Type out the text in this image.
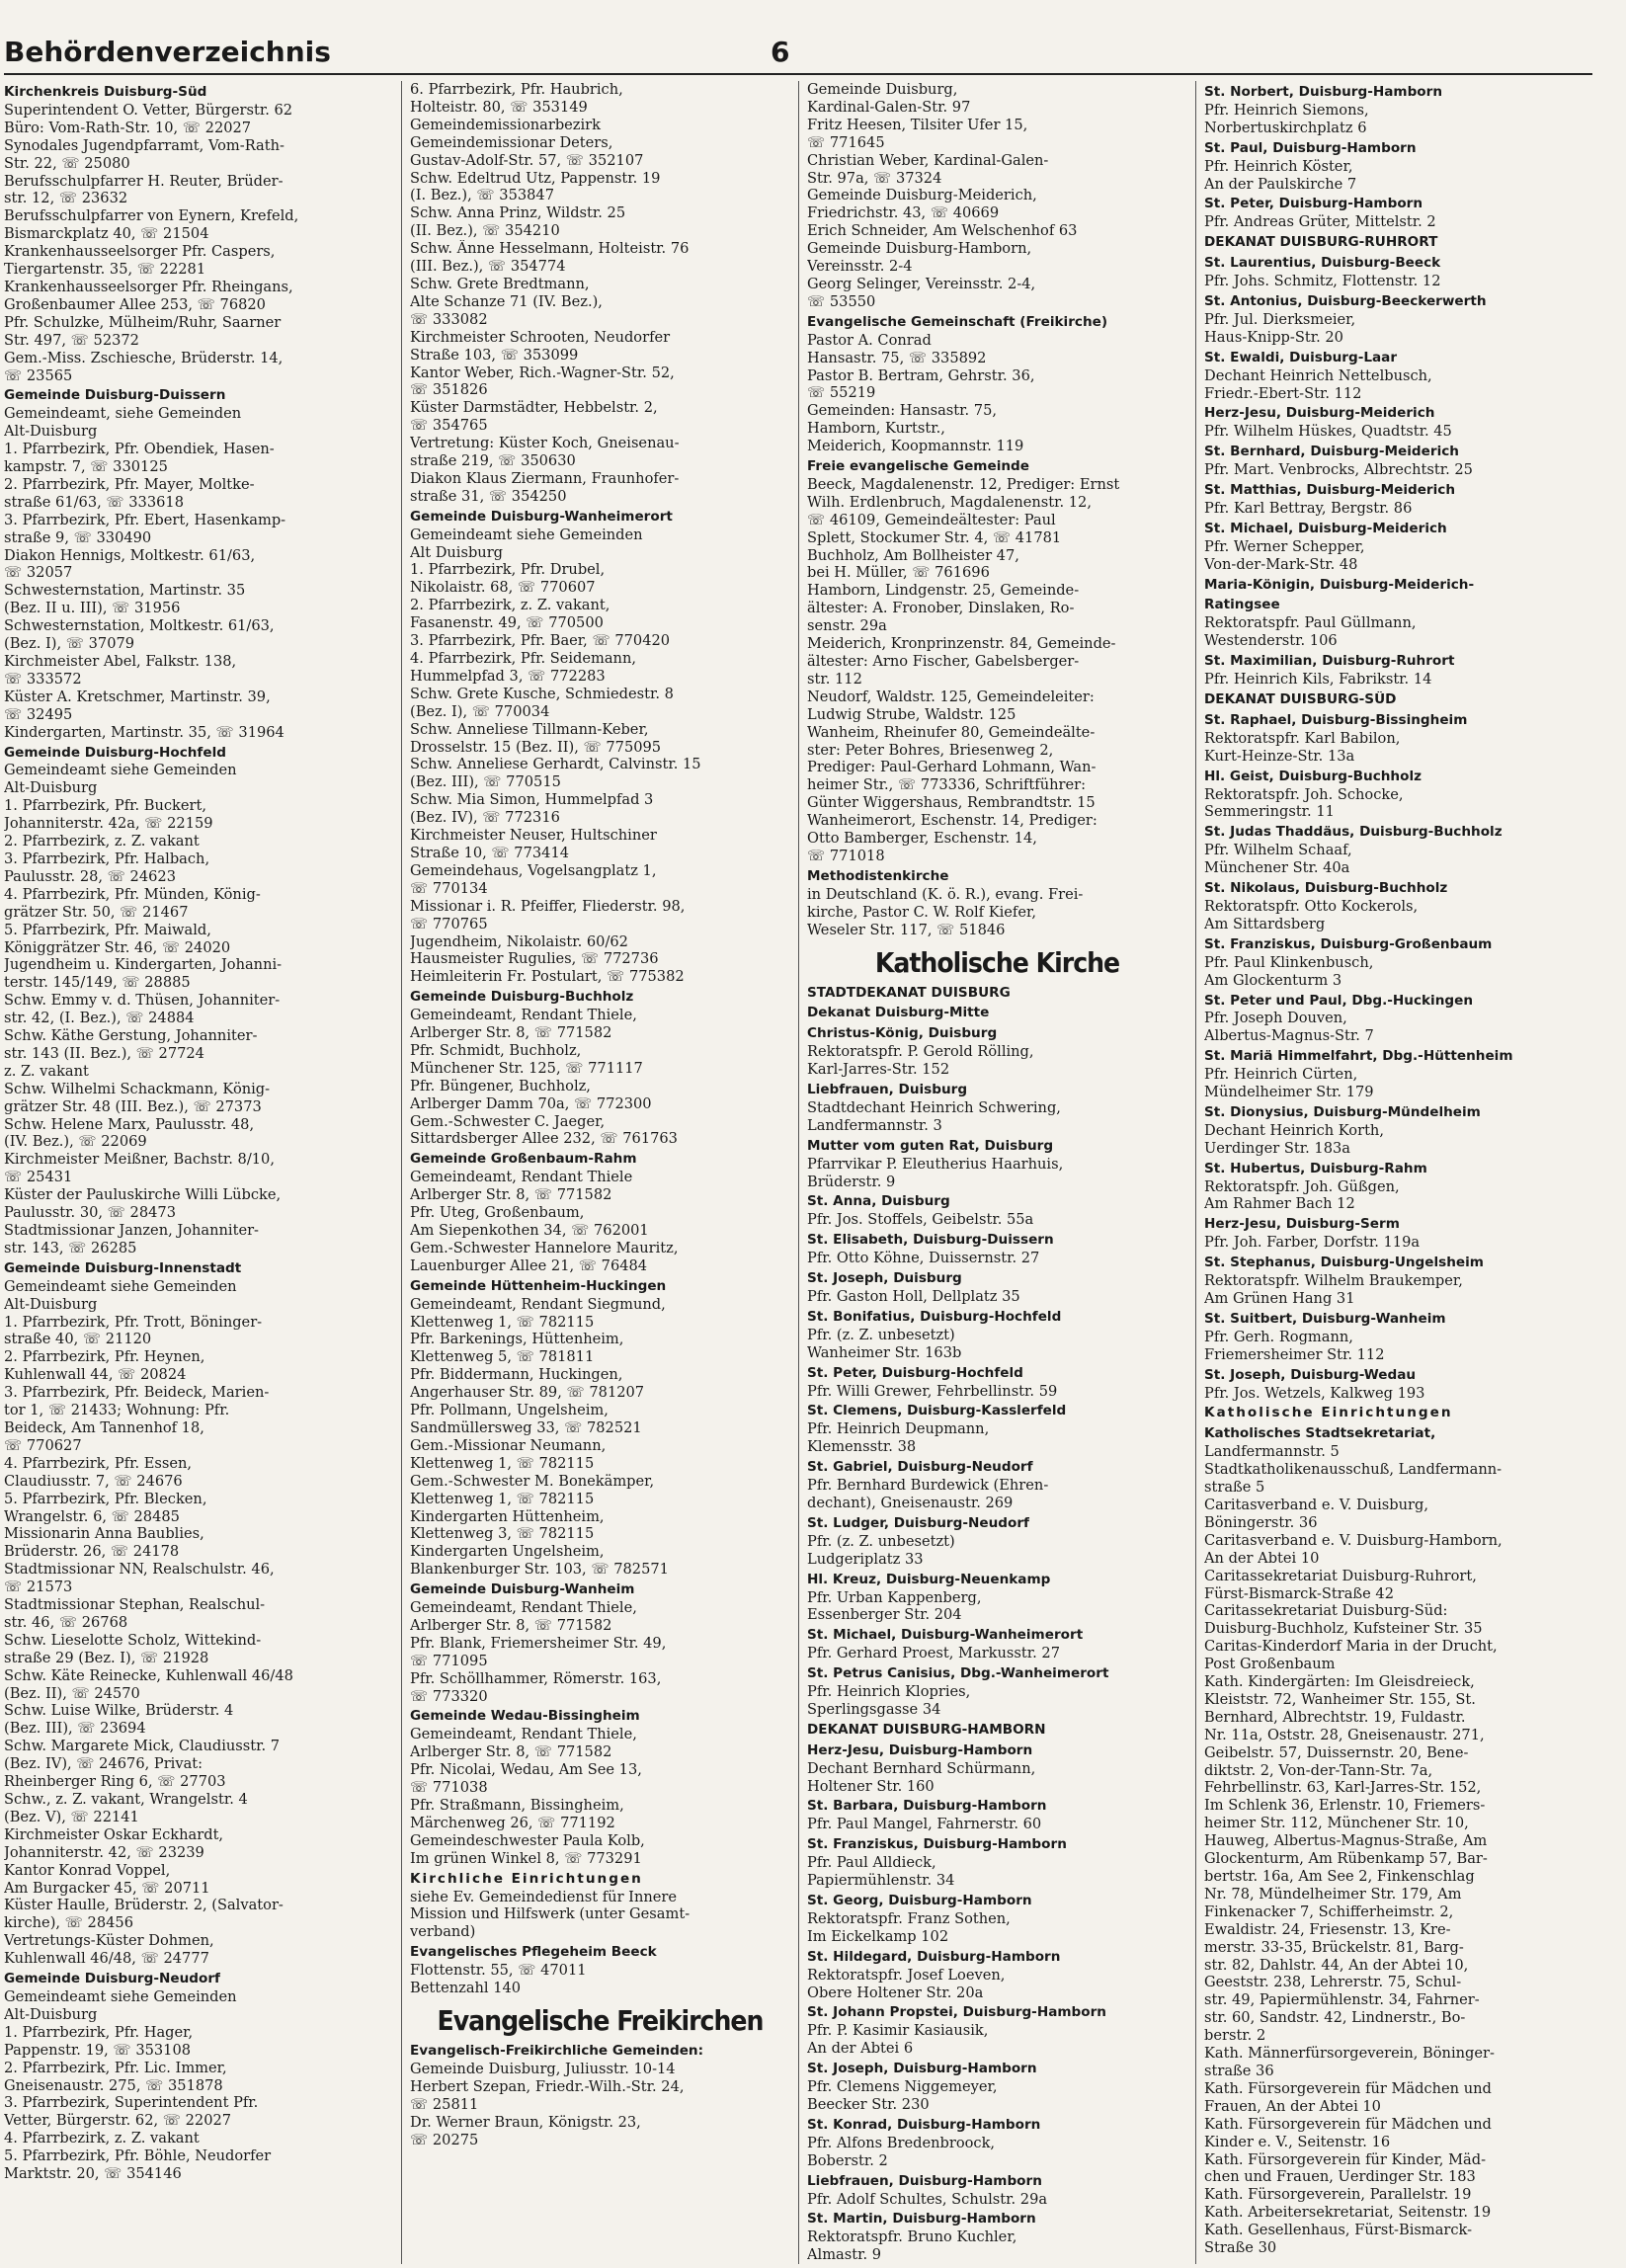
Behördenverzeichnis	6
Kirchenkreis Duisburg-Süd
Superintendent O. Vetter, Bürgerstr. 62
Büro: Vom-Rath-Str. 10, ☏ 22027
Synodales Jugendpfarramt, Vom-Rath-
Str. 22, ☏ 25080
Berufsschulpfarrer H. Reuter, Brüder-
str. 12, ☏ 23632
Berufsschulpfarrer von Eynern, Krefeld,
Bismarckplatz 40, ☏ 21504
Krankenhausseelsorger Pfr. Caspers,
Tiergartenstr. 35, ☏ 22281
Krankenhausseelsorger Pfr. Rheingans,
Großenbaumer Allee 253, ☏ 76820
Pfr. Schulzke, Mülheim/Ruhr, Saarner
Str. 497, ☏ 52372
Gem.-Miss. Zschiesche, Brüderstr. 14,
☏ 23565
Gemeinde Duisburg-Duissern
Gemeindeamt, siehe Gemeinden
Alt-Duisburg
1. Pfarrbezirk, Pfr. Obendiek, Hasen-
kampstr. 7, ☏ 330125
2. Pfarrbezirk, Pfr. Mayer, Moltke-
straße 61/63, ☏ 333618
3. Pfarrbezirk, Pfr. Ebert, Hasenkamp-
straße 9, ☏ 330490
Diakon Hennigs, Moltkestr. 61/63,
☏ 32057
Schwesternstation, Martinstr. 35
(Bez. II u. III), ☏ 31956
Schwesternstation, Moltkestr. 61/63,
(Bez. I), ☏ 37079
Kirchmeister Abel, Falkstr. 138,
☏ 333572
Küster A. Kretschmer, Martinstr. 39,
☏ 32495
Kindergarten, Martinstr. 35, ☏ 31964
Gemeinde Duisburg-Hochfeld
Gemeindeamt siehe Gemeinden
Alt-Duisburg
1. Pfarrbezirk, Pfr. Buckert,
Johanniterstr. 42a, ☏ 22159
2. Pfarrbezirk, z. Z. vakant
3. Pfarrbezirk, Pfr. Halbach,
Paulusstr. 28, ☏ 24623
4. Pfarrbezirk, Pfr. Münden, König-
grätzer Str. 50, ☏ 21467
5. Pfarrbezirk, Pfr. Maiwald,
Königgrätzer Str. 46, ☏ 24020
Jugendheim u. Kindergarten, Johanni-
terstr. 145/149, ☏ 28885
Schw. Emmy v. d. Thüsen, Johanniter-
str. 42, (I. Bez.), ☏ 24884
Schw. Käthe Gerstung, Johanniter-
str. 143 (II. Bez.), ☏ 27724
z. Z. vakant
Schw. Wilhelmi Schackmann, König-
grätzer Str. 48 (III. Bez.), ☏ 27373
Schw. Helene Marx, Paulusstr. 48,
(IV. Bez.), ☏ 22069
Kirchmeister Meißner, Bachstr. 8/10,
☏ 25431
Küster der Pauluskirche Willi Lübcke,
Paulusstr. 30, ☏ 28473
Stadtmissionar Janzen, Johanniter-
str. 143, ☏ 26285
Gemeinde Duisburg-Innenstadt
Gemeindeamt siehe Gemeinden
Alt-Duisburg
1. Pfarrbezirk, Pfr. Trott, Böninger-
straße 40, ☏ 21120
2. Pfarrbezirk, Pfr. Heynen,
Kuhlenwall 44, ☏ 20824
3. Pfarrbezirk, Pfr. Beideck, Marien-
tor 1, ☏ 21433; Wohnung: Pfr.
Beideck, Am Tannenhof 18,
☏ 770627
4. Pfarrbezirk, Pfr. Essen,
Claudiusstr. 7, ☏ 24676
5. Pfarrbezirk, Pfr. Blecken,
Wrangelstr. 6, ☏ 28485
Missionarin Anna Baublies,
Brüderstr. 26, ☏ 24178
Stadtmissionar NN, Realschulstr. 46,
☏ 21573
Stadtmissionar Stephan, Realschul-
str. 46, ☏ 26768
Schw. Lieselotte Scholz, Wittekind-
straße 29 (Bez. I), ☏ 21928
Schw. Käte Reinecke, Kuhlenwall 46/48
(Bez. II), ☏ 24570
Schw. Luise Wilke, Brüderstr. 4
(Bez. III), ☏ 23694
Schw. Margarete Mick, Claudiusstr. 7
(Bez. IV), ☏ 24676, Privat:
Rheinberger Ring 6, ☏ 27703
Schw., z. Z. vakant, Wrangelstr. 4
(Bez. V), ☏ 22141
Kirchmeister Oskar Eckhardt,
Johanniterstr. 42, ☏ 23239
Kantor Konrad Voppel,
Am Burgacker 45, ☏ 20711
Küster Haulle, Brüderstr. 2, (Salvator-
kirche), ☏ 28456
Vertretungs-Küster Dohmen,
Kuhlenwall 46/48, ☏ 24777
Gemeinde Duisburg-Neudorf
Gemeindeamt siehe Gemeinden
Alt-Duisburg
1. Pfarrbezirk, Pfr. Hager,
Pappenstr. 19, ☏ 353108
2. Pfarrbezirk, Pfr. Lic. Immer,
Gneisenaustr. 275, ☏ 351878
3. Pfarrbezirk, Superintendent Pfr.
Vetter, Bürgerstr. 62, ☏ 22027
4. Pfarrbezirk, z. Z. vakant
5. Pfarrbezirk, Pfr. Böhle, Neudorfer
Marktstr. 20, ☏ 354146
6. Pfarrbezirk, Pfr. Haubrich,
Holteistr. 80, ☏ 353149
Gemeindemissionarbezirk
Gemeindemissionar Deters,
Gustav-Adolf-Str. 57, ☏ 352107
Schw. Edeltrud Utz, Pappenstr. 19
(I. Bez.), ☏ 353847
Schw. Anna Prinz, Wildstr. 25
(II. Bez.), ☏ 354210
Schw. Änne Hesselmann, Holteistr. 76
(III. Bez.), ☏ 354774
Schw. Grete Bredtmann,
Alte Schanze 71 (IV. Bez.),
☏ 333082
Kirchmeister Schrooten, Neudorfer
Straße 103, ☏ 353099
Kantor Weber, Rich.-Wagner-Str. 52,
☏ 351826
Küster Darmstädter, Hebbelstr. 2,
☏ 354765
Vertretung: Küster Koch, Gneisenau-
straße 219, ☏ 350630
Diakon Klaus Ziermann, Fraunhofer-
straße 31, ☏ 354250
Gemeinde Duisburg-Wanheimerort
Gemeindeamt siehe Gemeinden
Alt Duisburg
1. Pfarrbezirk, Pfr. Drubel,
Nikolaistr. 68, ☏ 770607
2. Pfarrbezirk, z. Z. vakant,
Fasanenstr. 49, ☏ 770500
3. Pfarrbezirk, Pfr. Baer, ☏ 770420
4. Pfarrbezirk, Pfr. Seidemann,
Hummelpfad 3, ☏ 772283
Schw. Grete Kusche, Schmiedestr. 8
(Bez. I), ☏ 770034
Schw. Anneliese Tillmann-Keber,
Drosselstr. 15 (Bez. II), ☏ 775095
Schw. Anneliese Gerhardt, Calvinstr. 15
(Bez. III), ☏ 770515
Schw. Mia Simon, Hummelpfad 3
(Bez. IV), ☏ 772316
Kirchmeister Neuser, Hultschiner
Straße 10, ☏ 773414
Gemeindehaus, Vogelsangplatz 1,
☏ 770134
Missionar i. R. Pfeiffer, Fliederstr. 98,
☏ 770765
Jugendheim, Nikolaistr. 60/62
Hausmeister Rugulies, ☏ 772736
Heimleiterin Fr. Postulart, ☏ 775382
Gemeinde Duisburg-Buchholz
Gemeindeamt, Rendant Thiele,
Arlberger Str. 8, ☏ 771582
Pfr. Schmidt, Buchholz,
Münchener Str. 125, ☏ 771117
Pfr. Büngener, Buchholz,
Arlberger Damm 70a, ☏ 772300
Gem.-Schwester C. Jaeger,
Sittardsberger Allee 232, ☏ 761763
Gemeinde Großenbaum-Rahm
Gemeindeamt, Rendant Thiele
Arlberger Str. 8, ☏ 771582
Pfr. Uteg, Großenbaum,
Am Siepenkothen 34, ☏ 762001
Gem.-Schwester Hannelore Mauritz,
Lauenburger Allee 21, ☏ 76484
Gemeinde Hüttenheim-Huckingen
Gemeindeamt, Rendant Siegmund,
Klettenweg 1, ☏ 782115
Pfr. Barkenings, Hüttenheim,
Klettenweg 5, ☏ 781811
Pfr. Biddermann, Huckingen,
Angerhauser Str. 89, ☏ 781207
Pfr. Pollmann, Ungelsheim,
Sandmüllersweg 33, ☏ 782521
Gem.-Missionar Neumann,
Klettenweg 1, ☏ 782115
Gem.-Schwester M. Bonekämper,
Klettenweg 1, ☏ 782115
Kindergarten Hüttenheim,
Klettenweg 3, ☏ 782115
Kindergarten Ungelsheim,
Blankenburger Str. 103, ☏ 782571
Gemeinde Duisburg-Wanheim
Gemeindeamt, Rendant Thiele,
Arlberger Str. 8, ☏ 771582
Pfr. Blank, Friemersheimer Str. 49,
☏ 771095
Pfr. Schöllhammer, Römerstr. 163,
☏ 773320
Gemeinde Wedau-Bissingheim
Gemeindeamt, Rendant Thiele,
Arlberger Str. 8, ☏ 771582
Pfr. Nicolai, Wedau, Am See 13,
☏ 771038
Pfr. Straßmann, Bissingheim,
Märchenweg 26, ☏ 771192
Gemeindeschwester Paula Kolb,
Im grünen Winkel 8, ☏ 773291
Kirchliche Einrichtungen
siehe Ev. Gemeindedienst für Innere
Mission und Hilfswerk (unter Gesamt-
verband)
Evangelisches Pflegeheim Beeck
Flottenstr. 55, ☏ 47011
Bettenzahl 140
Evangelische Freikirchen
Evangelisch-Freikirchliche Gemeinden:
Gemeinde Duisburg, Juliusstr. 10-14
Herbert Szepan, Friedr.-Wilh.-Str. 24,
☏ 25811
Dr. Werner Braun, Königstr. 23,
☏ 20275
Gemeinde Duisburg,
Kardinal-Galen-Str. 97
Fritz Heesen, Tilsiter Ufer 15,
☏ 771645
Christian Weber, Kardinal-Galen-
Str. 97a, ☏ 37324
Gemeinde Duisburg-Meiderich,
Friedrichstr. 43, ☏ 40669
Erich Schneider, Am Welschenhof 63
Gemeinde Duisburg-Hamborn,
Vereinsstr. 2-4
Georg Selinger, Vereinsstr. 2-4,
☏ 53550
Evangelische Gemeinschaft (Freikirche)
Pastor A. Conrad
Hansastr. 75, ☏ 335892
Pastor B. Bertram, Gehrstr. 36,
☏ 55219
Gemeinden: Hansastr. 75,
Hamborn, Kurtstr.,
Meiderich, Koopmannstr. 119
Freie evangelische Gemeinde
Beeck, Magdalenenstr. 12, Prediger: Ernst
Wilh. Erdlenbruch, Magdalenenstr. 12,
☏ 46109, Gemeindeältester: Paul
Splett, Stockumer Str. 4, ☏ 41781
Buchholz, Am Bollheister 47,
bei H. Müller, ☏ 761696
Hamborn, Lindgenstr. 25, Gemeinde-
ältester: A. Fronober, Dinslaken, Ro-
senstr. 29a
Meiderich, Kronprinzenstr. 84, Gemeinde-
ältester: Arno Fischer, Gabelsberger-
str. 112
Neudorf, Waldstr. 125, Gemeindeleiter:
Ludwig Strube, Waldstr. 125
Wanheim, Rheinufer 80, Gemeindeälte-
ster: Peter Bohres, Briesenweg 2,
Prediger: Paul-Gerhard Lohmann, Wan-
heimer Str., ☏ 773336, Schriftführer:
Günter Wiggershaus, Rembrandtstr. 15
Wanheimerort, Eschenstr. 14, Prediger:
Otto Bamberger, Eschenstr. 14,
☏ 771018
Methodistenkirche
in Deutschland (K. ö. R.), evang. Frei-
kirche, Pastor C. W. Rolf Kiefer,
Weseler Str. 117, ☏ 51846
Katholische Kirche
STADTDEKANAT DUISBURG
Dekanat Duisburg-Mitte
Christus-König, Duisburg
Rektoratspfr. P. Gerold Rölling,
Karl-Jarres-Str. 152
Liebfrauen, Duisburg
Stadtdechant Heinrich Schwering,
Landfermannstr. 3
Mutter vom guten Rat, Duisburg
Pfarrvikar P. Eleutherius Haarhuis,
Brüderstr. 9
St. Anna, Duisburg
Pfr. Jos. Stoffels, Geibelstr. 55a
St. Elisabeth, Duisburg-Duissern
Pfr. Otto Köhne, Duissernstr. 27
St. Joseph, Duisburg
Pfr. Gaston Holl, Dellplatz 35
St. Bonifatius, Duisburg-Hochfeld
Pfr. (z. Z. unbesetzt)
Wanheimer Str. 163b
St. Peter, Duisburg-Hochfeld
Pfr. Willi Grewer, Fehrbellinstr. 59
St. Clemens, Duisburg-Kasslerfeld
Pfr. Heinrich Deupmann,
Klemensstr. 38
St. Gabriel, Duisburg-Neudorf
Pfr. Bernhard Burdewick (Ehren-
dechant), Gneisenaustr. 269
St. Ludger, Duisburg-Neudorf
Pfr. (z. Z. unbesetzt)
Ludgeriplatz 33
Hl. Kreuz, Duisburg-Neuenkamp
Pfr. Urban Kappenberg,
Essenberger Str. 204
St. Michael, Duisburg-Wanheimerort
Pfr. Gerhard Proest, Markusstr. 27
St. Petrus Canisius, Dbg.-Wanheimerort
Pfr. Heinrich Klopries,
Sperlingsgasse 34
DEKANAT DUISBURG-HAMBORN
Herz-Jesu, Duisburg-Hamborn
Dechant Bernhard Schürmann,
Holtener Str. 160
St. Barbara, Duisburg-Hamborn
Pfr. Paul Mangel, Fahrnerstr. 60
St. Franziskus, Duisburg-Hamborn
Pfr. Paul Alldieck,
Papiermühlenstr. 34
St. Georg, Duisburg-Hamborn
Rektoratspfr. Franz Sothen,
Im Eickelkamp 102
St. Hildegard, Duisburg-Hamborn
Rektoratspfr. Josef Loeven,
Obere Holtener Str. 20a
St. Johann Propstei, Duisburg-Hamborn
Pfr. P. Kasimir Kasiausik,
An der Abtei 6
St. Joseph, Duisburg-Hamborn
Pfr. Clemens Niggemeyer,
Beecker Str. 230
St. Konrad, Duisburg-Hamborn
Pfr. Alfons Bredenbroock,
Boberstr. 2
Liebfrauen, Duisburg-Hamborn
Pfr. Adolf Schultes, Schulstr. 29a
St. Martin, Duisburg-Hamborn
Rektoratspfr. Bruno Kuchler,
Almastr. 9
St. Norbert, Duisburg-Hamborn
Pfr. Heinrich Siemons,
Norbertuskirchplatz 6
St. Paul, Duisburg-Hamborn
Pfr. Heinrich Köster,
An der Paulskirche 7
St. Peter, Duisburg-Hamborn
Pfr. Andreas Grüter, Mittelstr. 2
DEKANAT DUISBURG-RUHRORT
St. Laurentius, Duisburg-Beeck
Pfr. Johs. Schmitz, Flottenstr. 12
St. Antonius, Duisburg-Beeckerwerth
Pfr. Jul. Dierksmeier,
Haus-Knipp-Str. 20
St. Ewaldi, Duisburg-Laar
Dechant Heinrich Nettelbusch,
Friedr.-Ebert-Str. 112
Herz-Jesu, Duisburg-Meiderich
Pfr. Wilhelm Hüskes, Quadtstr. 45
St. Bernhard, Duisburg-Meiderich
Pfr. Mart. Venbrocks, Albrechtstr. 25
St. Matthias, Duisburg-Meiderich
Pfr. Karl Bettray, Bergstr. 86
St. Michael, Duisburg-Meiderich
Pfr. Werner Schepper,
Von-der-Mark-Str. 48
Maria-Königin, Duisburg-Meiderich-
Ratingsee
Rektoratspfr. Paul Güllmann,
Westenderstr. 106
St. Maximilian, Duisburg-Ruhrort
Pfr. Heinrich Kils, Fabrikstr. 14
DEKANAT DUISBURG-SÜD
St. Raphael, Duisburg-Bissingheim
Rektoratspfr. Karl Babilon,
Kurt-Heinze-Str. 13a
Hl. Geist, Duisburg-Buchholz
Rektoratspfr. Joh. Schocke,
Semmeringstr. 11
St. Judas Thaddäus, Duisburg-Buchholz
Pfr. Wilhelm Schaaf,
Münchener Str. 40a
St. Nikolaus, Duisburg-Buchholz
Rektoratspfr. Otto Kockerols,
Am Sittardsberg
St. Franziskus, Duisburg-Großenbaum
Pfr. Paul Klinkenbusch,
Am Glockenturm 3
St. Peter und Paul, Dbg.-Huckingen
Pfr. Joseph Douven,
Albertus-Magnus-Str. 7
St. Mariä Himmelfahrt, Dbg.-Hüttenheim
Pfr. Heinrich Cürten,
Mündelheimer Str. 179
St. Dionysius, Duisburg-Mündelheim
Dechant Heinrich Korth,
Uerdinger Str. 183a
St. Hubertus, Duisburg-Rahm
Rektoratspfr. Joh. Güßgen,
Am Rahmer Bach 12
Herz-Jesu, Duisburg-Serm
Pfr. Joh. Farber, Dorfstr. 119a
St. Stephanus, Duisburg-Ungelsheim
Rektoratspfr. Wilhelm Braukemper,
Am Grünen Hang 31
St. Suitbert, Duisburg-Wanheim
Pfr. Gerh. Rogmann,
Friemersheimer Str. 112
St. Joseph, Duisburg-Wedau
Pfr. Jos. Wetzels, Kalkweg 193
Katholische Einrichtungen
Katholisches Stadtsekretariat,
Landfermannstr. 5
Stadtkatholikenausschuß, Landfermann-
straße 5
Caritasverband e. V. Duisburg,
Böningerstr. 36
Caritasverband e. V. Duisburg-Hamborn,
An der Abtei 10
Caritassekretariat Duisburg-Ruhrort,
Fürst-Bismarck-Straße 42
Caritassekretariat Duisburg-Süd:
Duisburg-Buchholz, Kufsteiner Str. 35
Caritas-Kinderdorf Maria in der Drucht,
Post Großenbaum
Kath. Kindergärten: Im Gleisdreieck,
Kleiststr. 72, Wanheimer Str. 155, St.
Bernhard, Albrechtstr. 19, Fuldastr.
Nr. 11a, Oststr. 28, Gneisenaustr. 271,
Geibelstr. 57, Duissernstr. 20, Bene-
diktstr. 2, Von-der-Tann-Str. 7a,
Fehrbellinstr. 63, Karl-Jarres-Str. 152,
Im Schlenk 36, Erlenstr. 10, Friemers-
heimer Str. 112, Münchener Str. 10,
Hauweg, Albertus-Magnus-Straße, Am
Glockenturm, Am Rübenkamp 57, Bar-
bertstr. 16a, Am See 2, Finkenschlag
Nr. 78, Mündelheimer Str. 179, Am
Finkenacker 7, Schifferheimstr. 2,
Ewaldistr. 24, Friesenstr. 13, Kre-
merstr. 33-35, Brückelstr. 81, Barg-
str. 82, Dahlstr. 44, An der Abtei 10,
Geeststr. 238, Lehrerstr. 75, Schul-
str. 49, Papiermühlenstr. 34, Fahrner-
str. 60, Sandstr. 42, Lindnerstr., Bo-
berstr. 2
Kath. Männerfürsorgeverein, Böninger-
straße 36
Kath. Fürsorgeverein für Mädchen und
Frauen, An der Abtei 10
Kath. Fürsorgeverein für Mädchen und
Kinder e. V., Seitenstr. 16
Kath. Fürsorgeverein für Kinder, Mäd-
chen und Frauen, Uerdinger Str. 183
Kath. Fürsorgeverein, Parallelstr. 19
Kath. Arbeitersekretariat, Seitenstr. 19
Kath. Gesellenhaus, Fürst-Bismarck-
Straße 30
